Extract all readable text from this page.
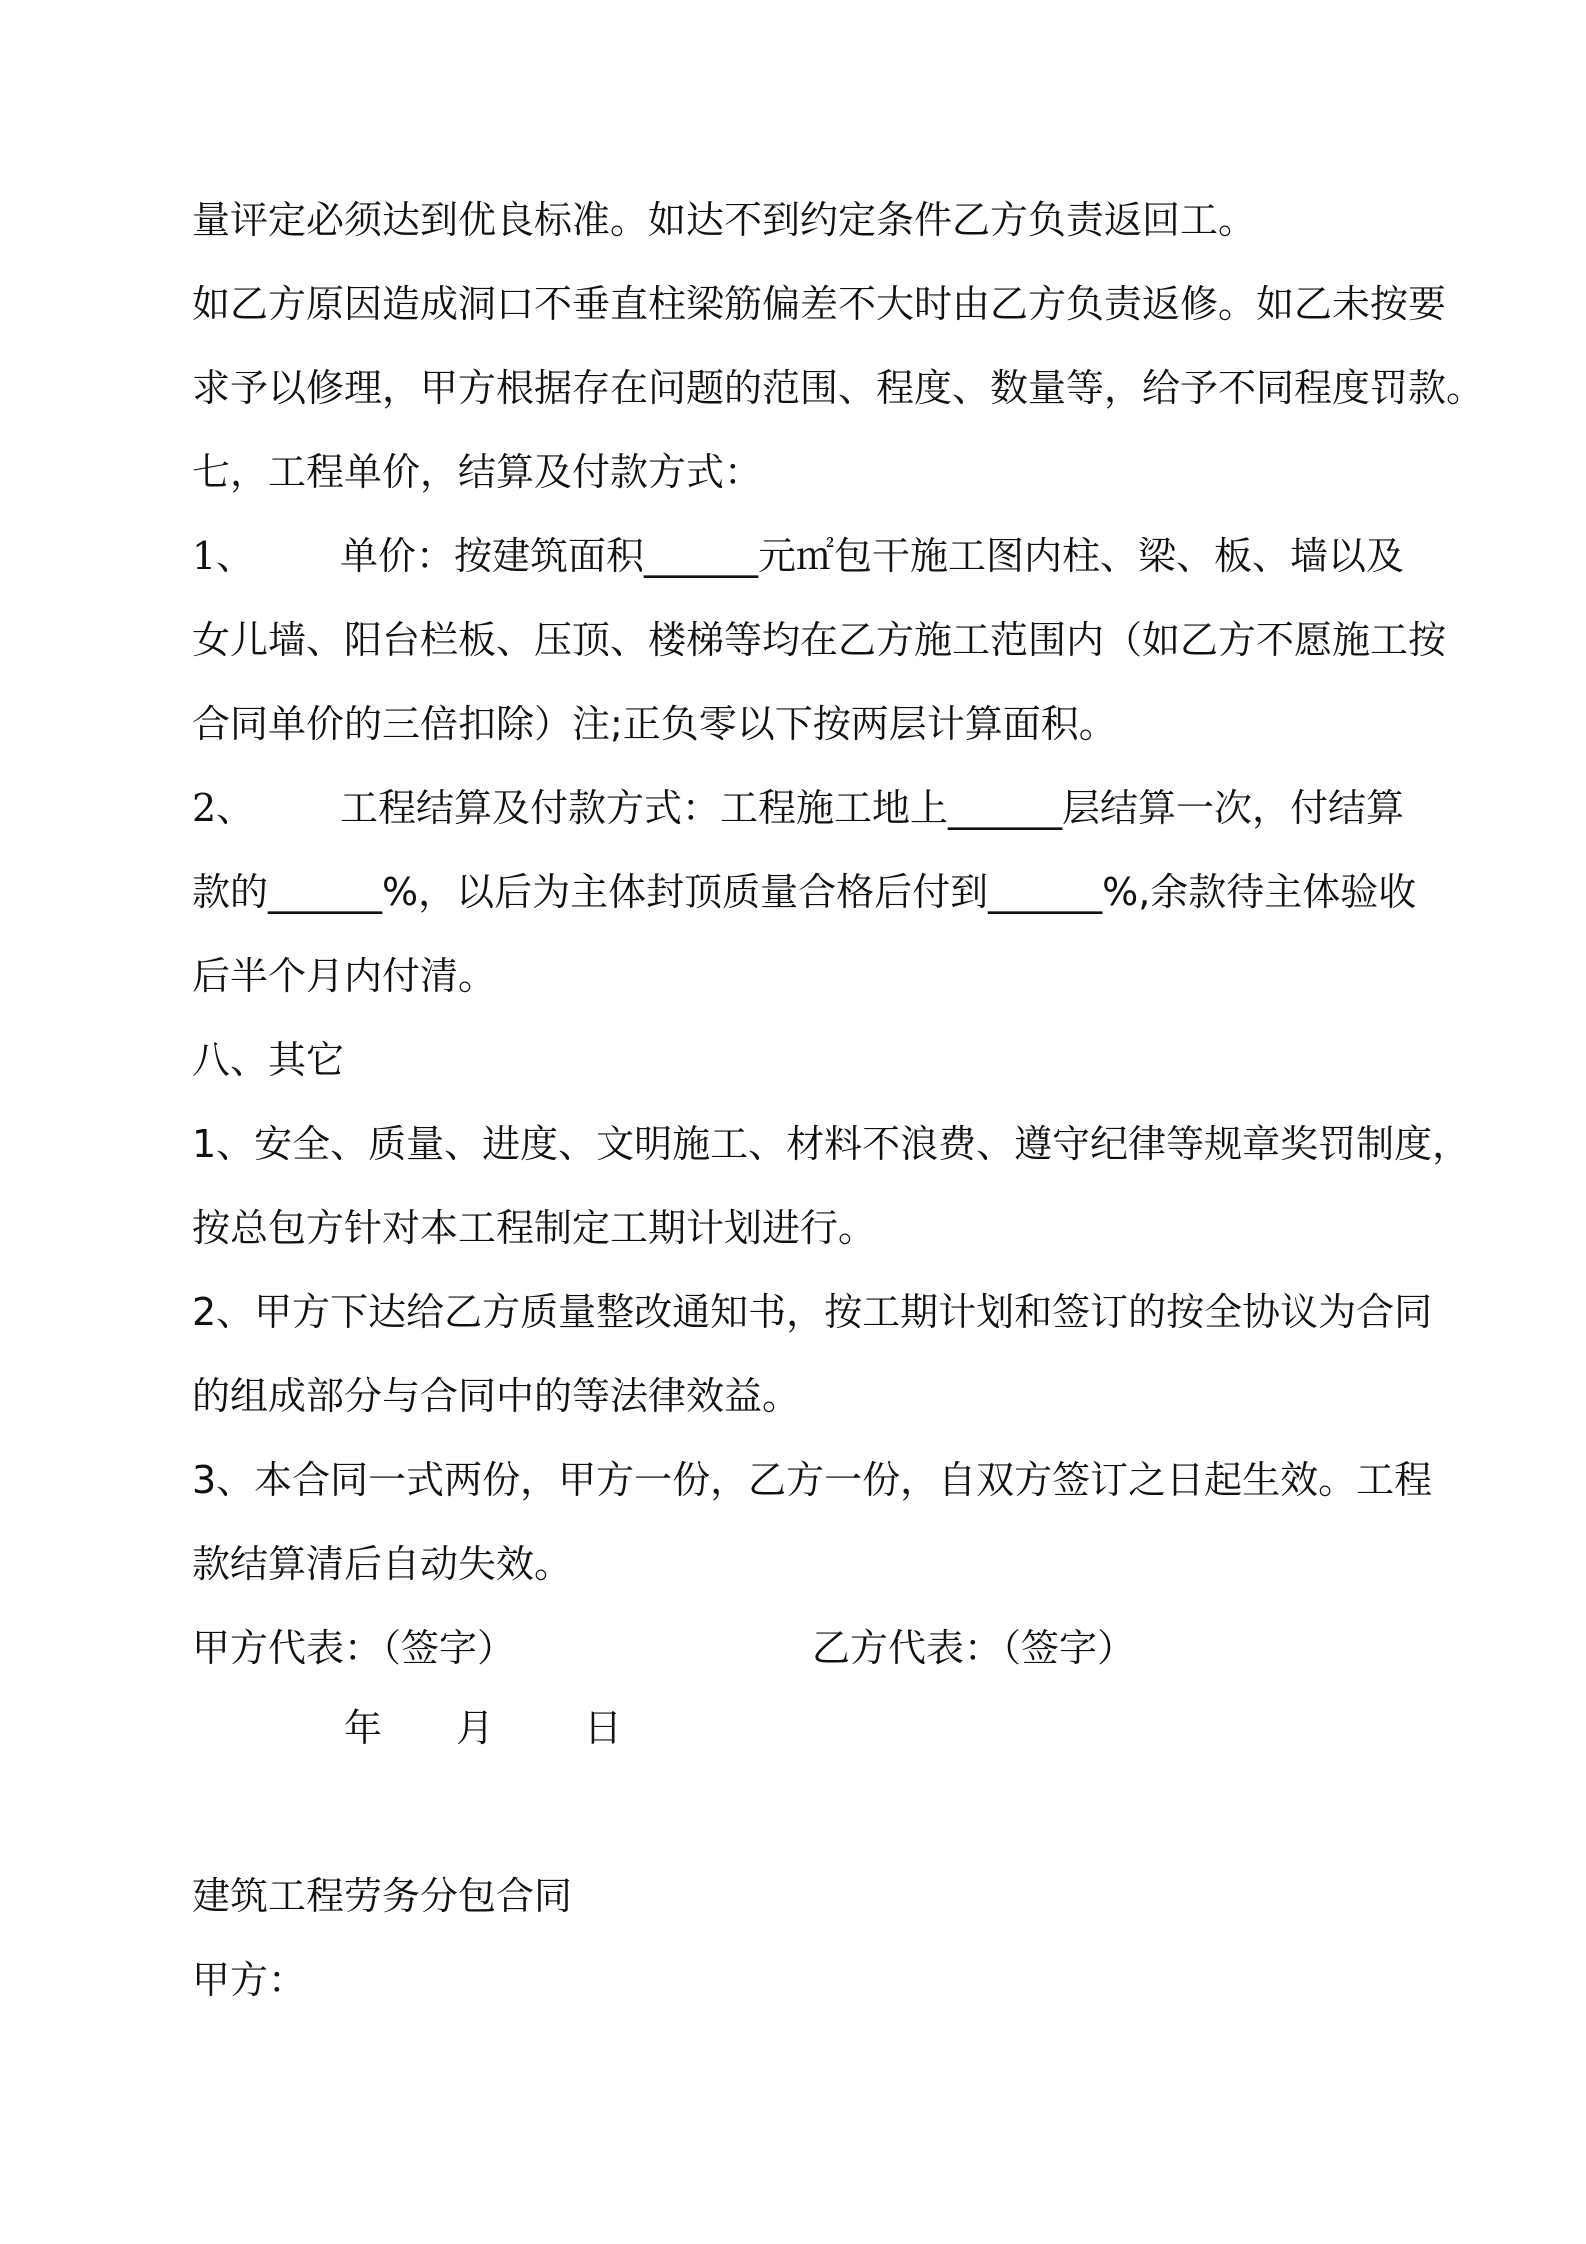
量评定必须达到优良标准。如达不到约定条件乙方负责返回工。

如乙方原因造成洞口不垂直柱梁筋偏差不大时由乙方负责返修。如乙未按要

求予以修理，甲方根据存在问题的范围、程度、数量等，给予不同程度罚款。

七，工程单价，结算及付款方式：

1、 单价：按建筑面积______元㎡包干施工图内柱、梁、板、墙以及

女儿墙、阳台栏板、压顶、楼梯等均在乙方施工范围内（如乙方不愿施工按

合同单价的三倍扣除）注;正负零以下按两层计算面积。

2、 工程结算及付款方式：工程施工地上______层结算一次，付结算

款的______%，以后为主体封顶质量合格后付到______%,余款待主体验收

后半个月内付清。

八、其它

1、安全、质量、进度、文明施工、材料不浪费、遵守纪律等规章奖罚制度，

按总包方针对本工程制定工期计划进行。

2、甲方下达给乙方质量整改通知书，按工期计划和签订的按全协议为合同

的组成部分与合同中的等法律效益。

3、本合同一式两份，甲方一份，乙方一份，自双方签订之日起生效。工程

款结算清后自动失效。

甲方代表：（签字）	乙方代表：（签字）

年 月 日

建筑工程劳务分包合同

甲方：
